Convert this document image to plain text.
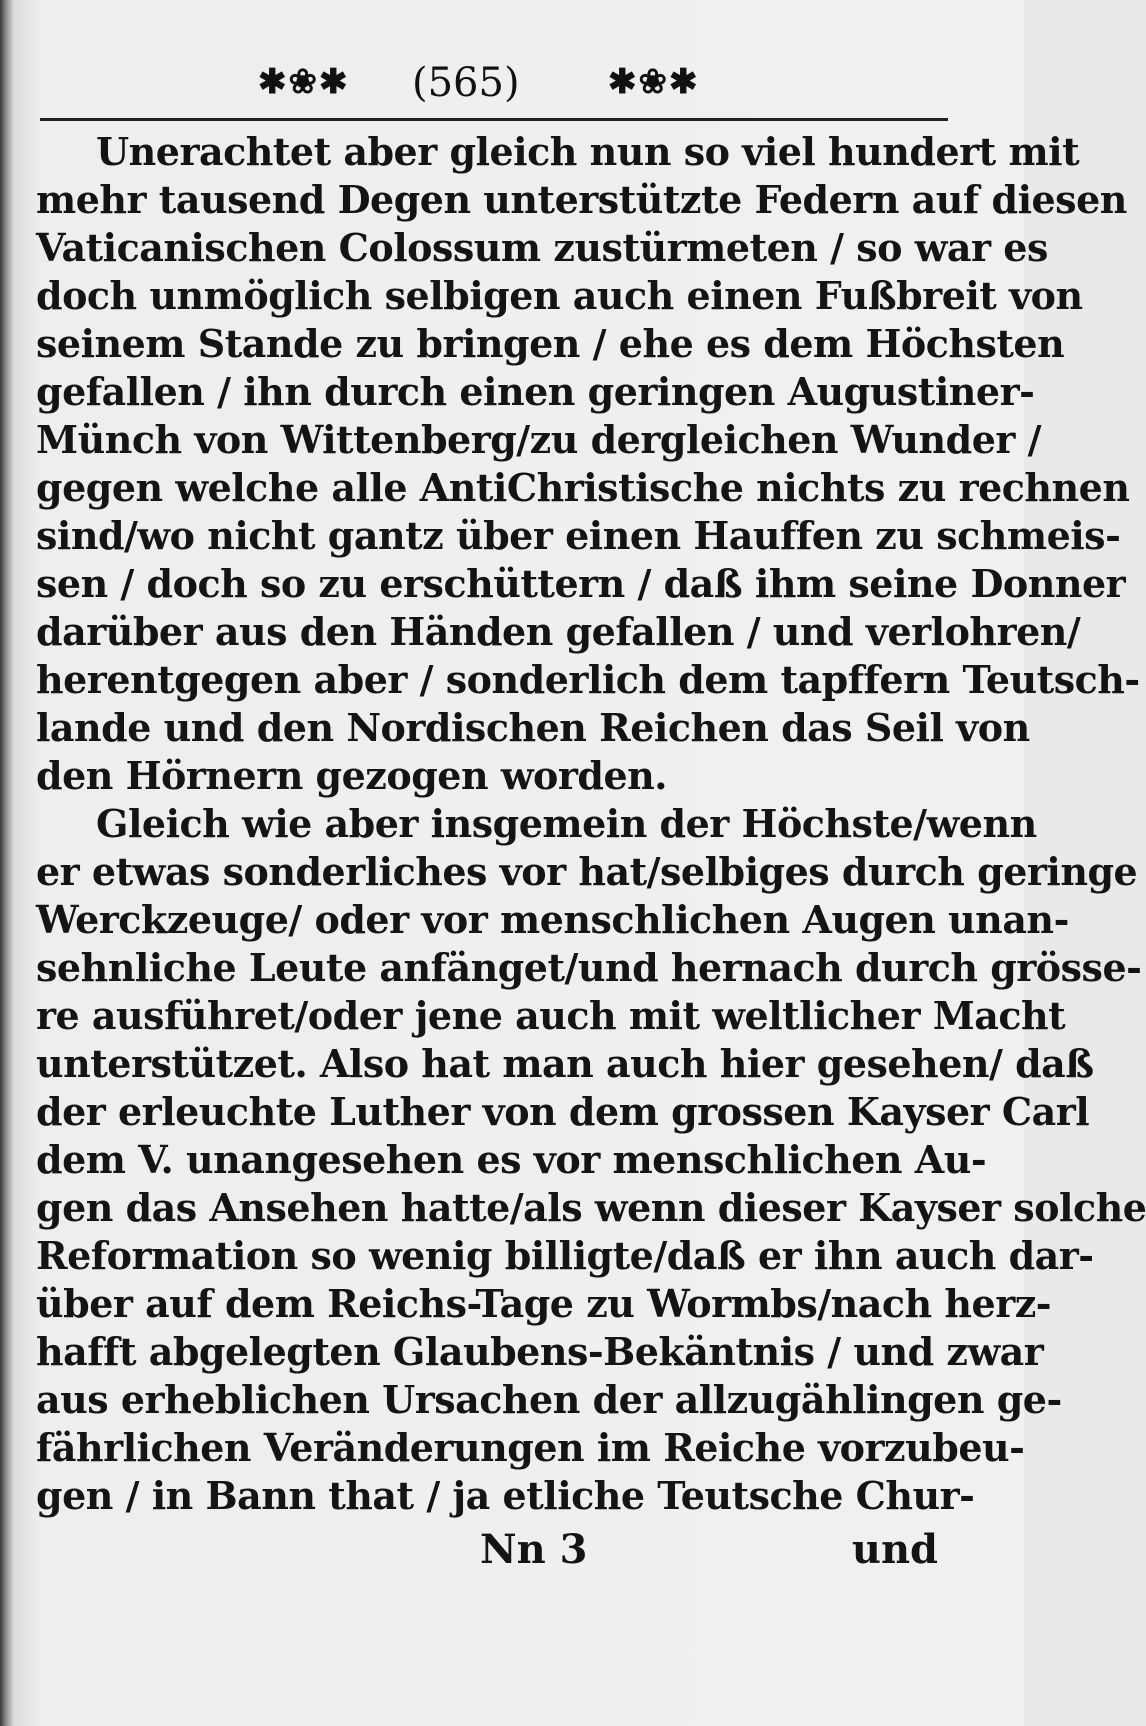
✱❀✱ (565)	✱❀✱
Unerachtet aber gleich nun so viel hundert mit
mehr tausend Degen unterstützte Federn auf diesen
Vaticanischen Colossum zustürmeten / so war es
doch unmöglich selbigen auch einen Fußbreit von
seinem Stande zu bringen / ehe es dem Höchsten
gefallen / ihn durch einen geringen Augustiner-
Münch von Wittenberg/zu dergleichen Wunder /
gegen welche alle AntiChristische nichts zu rechnen
sind/wo nicht gantz über einen Hauffen zu schmeis-
sen / doch so zu erschüttern / daß ihm seine Donner
darüber aus den Händen gefallen / und verlohren/
herentgegen aber / sonderlich dem tapffern Teutsch-
lande und den Nordischen Reichen das Seil von
den Hörnern gezogen worden.
Gleich wie aber insgemein der Höchste/wenn
er etwas sonderliches vor hat/selbiges durch geringe
Werckzeuge/ oder vor menschlichen Augen unan-
sehnliche Leute anfänget/und hernach durch grösse-
re ausführet/oder jene auch mit weltlicher Macht
unterstützet. Also hat man auch hier gesehen/ daß
der erleuchte Luther von dem grossen Kayser Carl
dem V. unangesehen es vor menschlichen Au-
gen das Ansehen hatte/als wenn dieser Kayser solche
Reformation so wenig billigte/daß er ihn auch dar-
über auf dem Reichs-Tage zu Wormbs/nach herz-
hafft abgelegten Glaubens-Bekäntnis / und zwar
aus erheblichen Ursachen der allzugählingen ge-
fährlichen Veränderungen im Reiche vorzubeu-
gen / in Bann that / ja etliche Teutsche Chur-
Nn 3	und
